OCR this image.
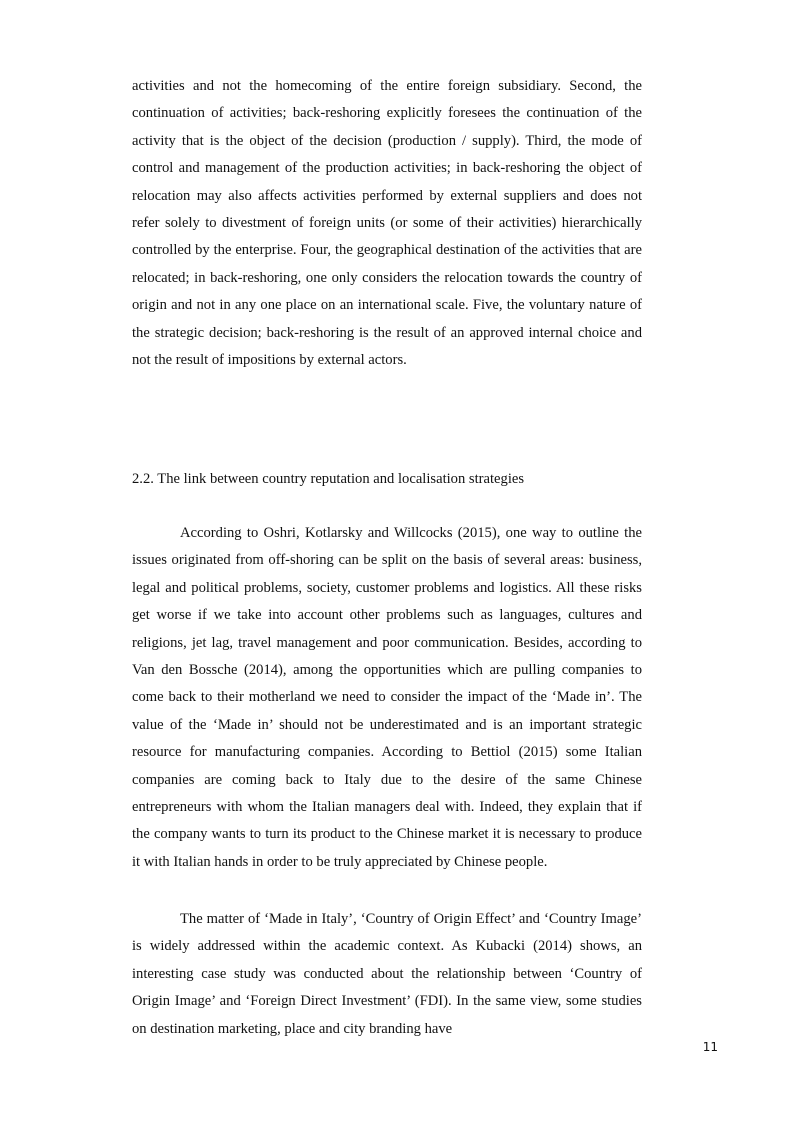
activities and not the homecoming of the entire foreign subsidiary. Second, the continuation of activities; back-reshoring explicitly foresees the continuation of the activity that is the object of the decision (production / supply). Third, the mode of control and management of the production activities; in back-reshoring the object of relocation may also affects activities performed by external suppliers and does not refer solely to divestment of foreign units (or some of their activities) hierarchically controlled by the enterprise. Four, the geographical destination of the activities that are relocated; in back-reshoring, one only considers the relocation towards the country of origin and not in any one place on an international scale. Five, the voluntary nature of the strategic decision; back-reshoring is the result of an approved internal choice and not the result of impositions by external actors.

2.2. The link between country reputation and localisation strategies

According to Oshri, Kotlarsky and Willcocks (2015), one way to outline the issues originated from off-shoring can be split on the basis of several areas: business, legal and political problems, society, customer problems and logistics. All these risks get worse if we take into account other problems such as languages, cultures and religions, jet lag, travel management and poor communication. Besides, according to Van den Bossche (2014), among the opportunities which are pulling companies to come back to their motherland we need to consider the impact of the ‘Made in’. The value of the ‘Made in’ should not be underestimated and is an important strategic resource for manufacturing companies. According to Bettiol (2015) some Italian companies are coming back to Italy due to the desire of the same Chinese entrepreneurs with whom the Italian managers deal with. Indeed, they explain that if the company wants to turn its product to the Chinese market it is necessary to produce it with Italian hands in order to be truly appreciated by Chinese people.

The matter of ‘Made in Italy’, ‘Country of Origin Effect’ and ‘Country Image’ is widely addressed within the academic context. As Kubacki (2014) shows, an interesting case study was conducted about the relationship between ‘Country of Origin Image’ and ‘Foreign Direct Investment’ (FDI). In the same view, some studies on destination marketing, place and city branding have

11
